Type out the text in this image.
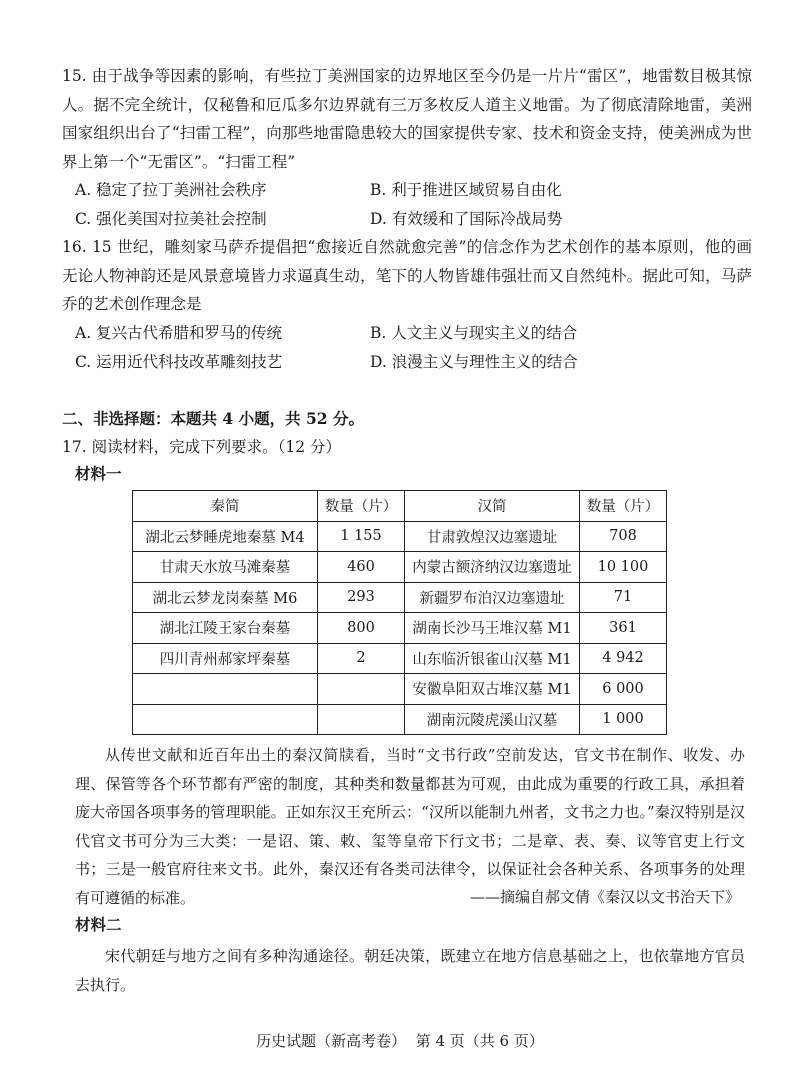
15. 由于战争等因素的影响，有些拉丁美洲国家的边界地区至今仍是一片片“雷区”，地雷数目极其惊人。据不完全统计，仅秘鲁和厄瓜多尔边界就有三万多枚反人道主义地雷。为了彻底清除地雷，美洲国家组织出台了“扫雷工程”，向那些地雷隐患较大的国家提供专家、技术和资金支持，使美洲成为世界上第一个“无雷区”。“扫雷工程”

A. 稳定了拉丁美洲社会秩序	B. 利于推进区域贸易自由化

C. 强化美国对拉美社会控制	D. 有效缓和了国际冷战局势

16. 15 世纪，雕刻家马萨乔提倡把“愈接近自然就愈完善”的信念作为艺术创作的基本原则，他的画无论人物神韵还是风景意境皆力求逼真生动，笔下的人物皆雄伟强壮而又自然纯朴。据此可知，马萨乔的艺术创作理念是

A. 复兴古代希腊和罗马的传统	B. 人文主义与现实主义的结合

C. 运用近代科技改革雕刻技艺	D. 浪漫主义与理性主义的结合

二、非选择题：本题共 4 小题，共 52 分。

17. 阅读材料，完成下列要求。（12 分）

材料一

秦简	数量（片）	汉简	数量（片）
湖北云梦睡虎地秦墓 M4	1 155	甘肃敦煌汉边塞遗址	708
甘肃天水放马滩秦墓	460	内蒙古额济纳汉边塞遗址	10 100
湖北云梦龙岗秦墓 M6	293	新疆罗布泊汉边塞遗址	71
湖北江陵王家台秦墓	800	湖南长沙马王堆汉墓 M1	361
四川青州郝家坪秦墓	2	山东临沂银雀山汉墓 M1	4 942
		安徽阜阳双古堆汉墓 M1	6 000
		湖南沅陵虎溪山汉墓	1 000

从传世文献和近百年出土的秦汉简牍看，当时“文书行政”空前发达，官文书在制作、收发、办理、保管等各个环节都有严密的制度，其种类和数量都甚为可观，由此成为重要的行政工具，承担着庞大帝国各项事务的管理职能。正如东汉王充所云：“汉所以能制九州者，文书之力也。”秦汉特别是汉代官文书可分为三大类：一是诏、策、敕、玺等皇帝下行文书；二是章、表、奏、议等官吏上行文书；三是一般官府往来文书。此外，秦汉还有各类司法律令，以保证社会各种关系、各项事务的处理有可遵循的标准。	——摘编自郝文倩《秦汉以文书治天下》

材料二

宋代朝廷与地方之间有多种沟通途径。朝廷决策，既建立在地方信息基础之上，也依靠地方官员去执行。

历史试题（新高考卷） 第 4 页（共 6 页）
